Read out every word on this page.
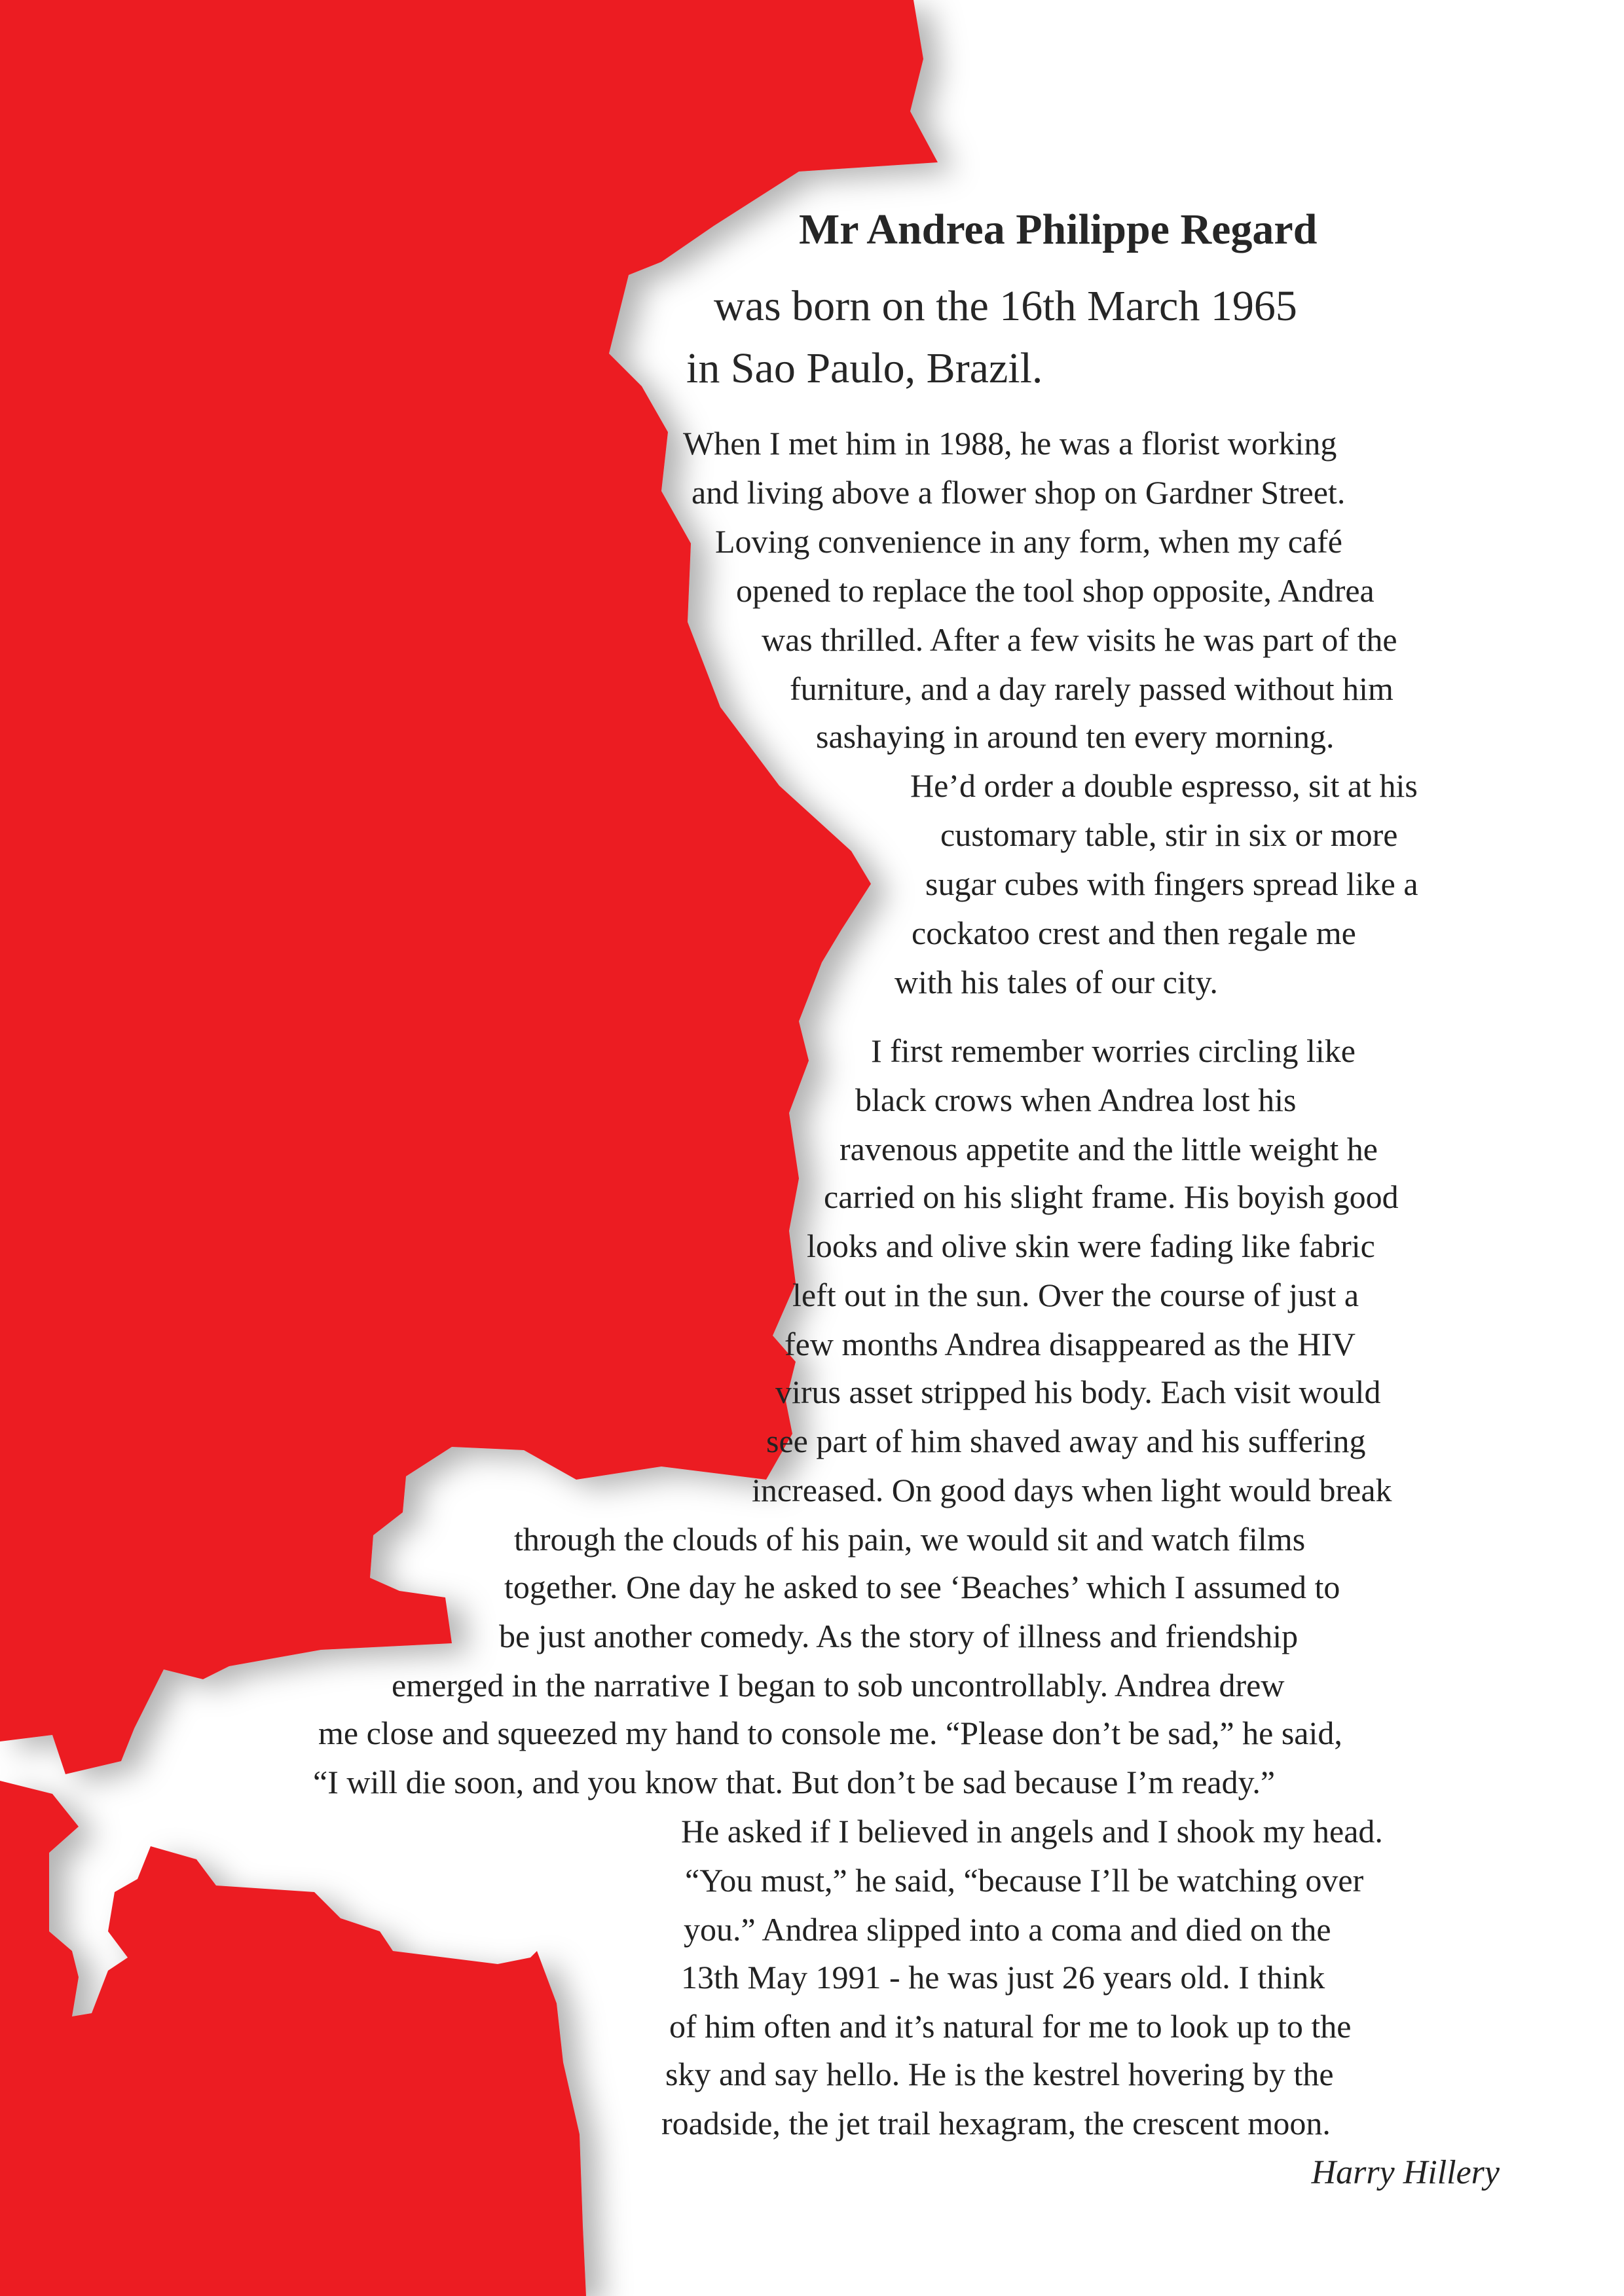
Mr Andrea Philippe Regard
was born on the 16th March 1965
in Sao Paulo, Brazil.
When I met him in 1988, he was a florist working
and living above a flower shop on Gardner Street.
Loving convenience in any form, when my café
opened to replace the tool shop opposite, Andrea
was thrilled. After a few visits he was part of the
furniture, and a day rarely passed without him
sashaying in around ten every morning.
He’d order a double espresso, sit at his
customary table, stir in six or more
sugar cubes with fingers spread like a
cockatoo crest and then regale me
with his tales of our city.
I first remember worries circling like
black crows when Andrea lost his
ravenous appetite and the little weight he
carried on his slight frame. His boyish good
looks and olive skin were fading like fabric
left out in the sun. Over the course of just a
few months Andrea disappeared as the HIV
virus asset stripped his body. Each visit would
see part of him shaved away and his suffering
increased. On good days when light would break
through the clouds of his pain, we would sit and watch films
together. One day he asked to see ‘Beaches’ which I assumed to
be just another comedy. As the story of illness and friendship
emerged in the narrative I began to sob uncontrollably. Andrea drew
me close and squeezed my hand to console me. “Please don’t be sad,” he said,
“I will die soon, and you know that. But don’t be sad because I’m ready.”
He asked if I believed in angels and I shook my head.
“You must,” he said, “because I’ll be watching over
you.” Andrea slipped into a coma and died on the
13th May 1991 - he was just 26 years old. I think
of him often and it’s natural for me to look up to the
sky and say hello. He is the kestrel hovering by the
roadside, the jet trail hexagram, the crescent moon.
Harry Hillery
